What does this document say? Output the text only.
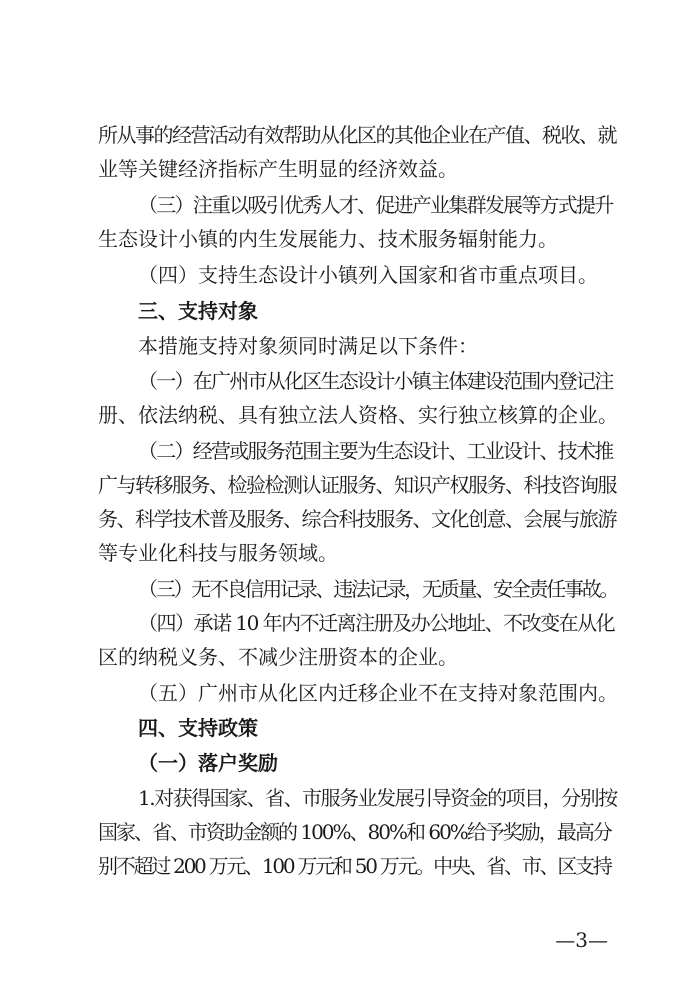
所从事的经营活动有效帮助从化区的其他企业在产值、税收、就

业等关键经济指标产生明显的经济效益。

（三）注重以吸引优秀人才、促进产业集群发展等方式提升

生态设计小镇的内生发展能力、技术服务辐射能力。

（四）支持生态设计小镇列入国家和省市重点项目。

三、支持对象

本措施支持对象须同时满足以下条件：

（一）在广州市从化区生态设计小镇主体建设范围内登记注

册、依法纳税、具有独立法人资格、实行独立核算的企业。

（二）经营或服务范围主要为生态设计、工业设计、技术推

广与转移服务、检验检测认证服务、知识产权服务、科技咨询服

务、科学技术普及服务、综合科技服务、文化创意、会展与旅游

等专业化科技与服务领域。

（三）无不良信用记录、违法记录，无质量、安全责任事故。

（四）承诺 10 年内不迁离注册及办公地址、不改变在从化

区的纳税义务、不减少注册资本的企业。

（五）广州市从化区内迁移企业不在支持对象范围内。

四、支持政策

（一）落户奖励

1.对获得国家、省、市服务业发展引导资金的项目，分别按

国家、省、市资助金额的 100%、80%和 60%给予奖励，最高分

别不超过 200 万元、100 万元和 50 万元。中央、省、市、区支持

—3—
